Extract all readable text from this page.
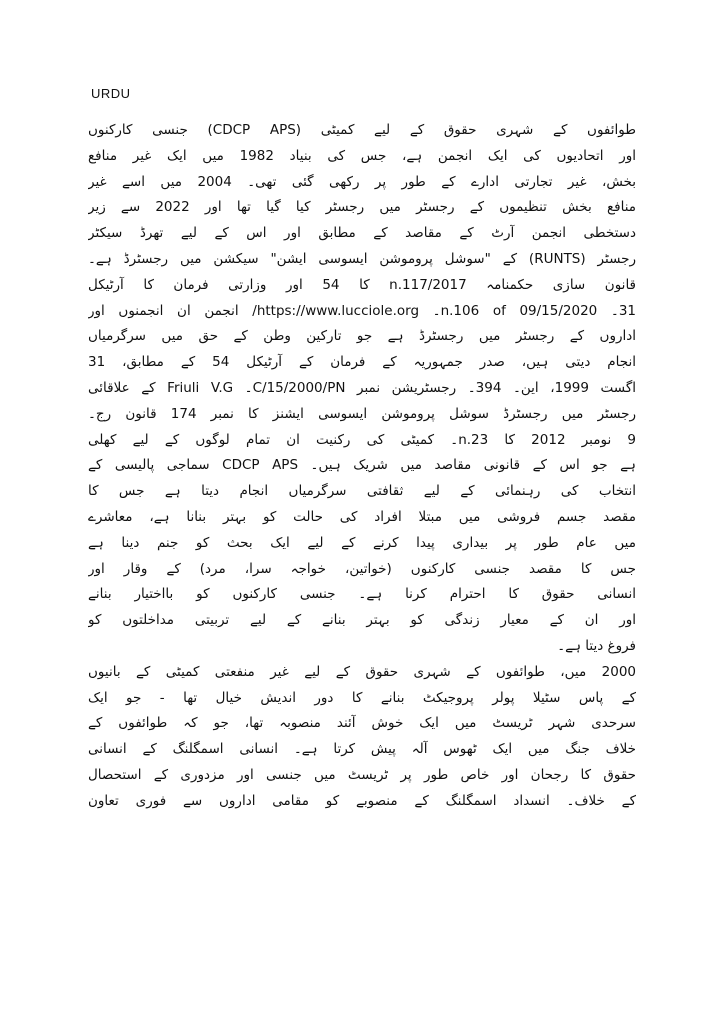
URDU
طوائفوں کے شہری حقوق کے لیے کمیٹی (CDCP APS) جنسی کارکنوں
اور اتحادیوں کی ایک انجمن ہے، جس کی بنیاد 1982 میں ایک غیر منافع
بخش، غیر تجارتی ادارے کے طور پر رکھی گئی تھی۔ 2004 میں اسے غیر
منافع بخش تنظیموں کے رجسٹر میں رجسٹر کیا گیا تھا اور 2022 سے زیر
دستخطی انجمن آرٹ کے مقاصد کے مطابق اور اس کے لیے تھرڈ سیکٹر
رجسٹر (RUNTS) کے "سوشل پروموشن ایسوسی ایشن" سیکشن میں رجسٹرڈ ہے۔
قانون سازی حکمنامہ n.117/2017 کا 54 اور وزارتی فرمان کا آرٹیکل
31۔ n.106 of 09/15/2020۔ https://www.lucciole.org/ انجمن ان انجمنوں اور
اداروں کے رجسٹر میں رجسٹرڈ ہے جو تارکین وطن کے حق میں سرگرمیاں
انجام دیتی ہیں، صدر جمہوریہ کے فرمان کے آرٹیکل 54 کے مطابق، 31
اگست 1999، این۔ 394۔ رجسٹریشن نمبر C/15/2000/PN۔ Friuli V.G کے علاقائی
رجسٹر میں رجسٹرڈ سوشل پروموشن ایسوسی ایشنز کا نمبر 174 قانون رج۔
9 نومبر 2012 کا n.23۔ کمیٹی کی رکنیت ان تمام لوگوں کے لیے کھلی
ہے جو اس کے قانونی مقاصد میں شریک ہیں۔ CDCP APS سماجی پالیسی کے
انتخاب کی رہنمائی کے لیے ثقافتی سرگرمیاں انجام دیتا ہے جس کا
مقصد جسم فروشی میں مبتلا افراد کی حالت کو بہتر بنانا ہے، معاشرے
میں عام طور پر بیداری پیدا کرنے کے لیے ایک بحث کو جنم دینا ہے
جس کا مقصد جنسی کارکنوں (خواتین، خواجہ سرا، مرد) کے وقار اور
انسانی حقوق کا احترام کرنا ہے۔ جنسی کارکنوں کو بااختیار بنانے
اور ان کے معیار زندگی کو بہتر بنانے کے لیے تربیتی مداخلتوں کو
فروغ دیتا ہے۔
2000 میں، طوائفوں کے شہری حقوق کے لیے غیر منفعتی کمیٹی کے بانیوں
کے پاس سٹیلا پولر پروجیکٹ بنانے کا دور اندیش خیال تھا - جو ایک
سرحدی شہر ٹریسٹ میں ایک خوش آئند منصوبہ تھا، جو کہ طوائفوں کے
خلاف جنگ میں ایک ٹھوس آلہ پیش کرتا ہے۔ انسانی اسمگلنگ کے انسانی
حقوق کا رجحان اور خاص طور پر ٹریسٹ میں جنسی اور مزدوری کے استحصال
کے خلاف۔ انسداد اسمگلنگ کے منصوبے کو مقامی اداروں سے فوری تعاون
